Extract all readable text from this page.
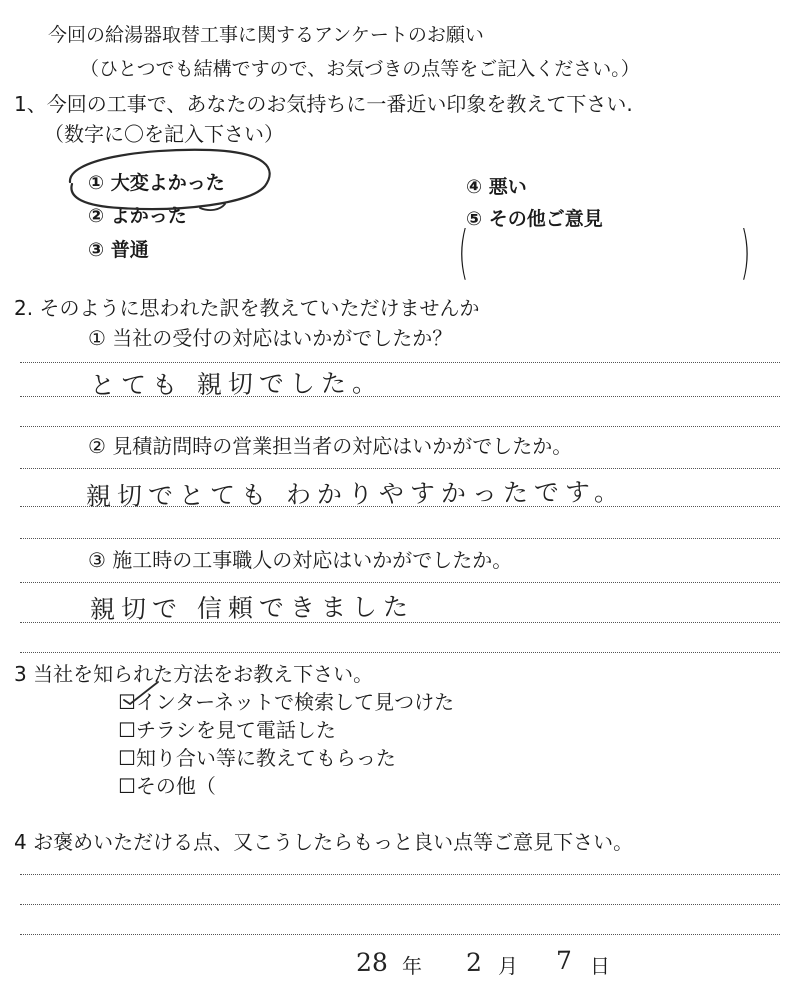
今回の給湯器取替工事に関するアンケートのお願い
（ひとつでも結構ですので、お気づきの点等をご記入ください。）
1、今回の工事で、あなたのお気持ちに一番近い印象を教えて下さい.
（数字に〇を記入下さい）
① 大変よかった
② よかった
③ 普通
④ 悪い
⑤ その他ご意見
(	)
2. そのように思われた訳を教えていただけませんか
① 当社の受付の対応はいかがでしたか？
とても 親切でした。
② 見積訪問時の営業担当者の対応はいかがでしたか。
親切でとても わかりやすかったです。
③ 施工時の工事職人の対応はいかがでしたか。
親切で 信頼できました
3 当社を知られた方法をお教え下さい。
☐インターネットで検索して見つけた
☐チラシを見て電話した
☐知り合い等に教えてもらった
☐その他（
4 お褒めいただける点、又こうしたらもっと良い点等ご意見下さい。
28 年 2 月 7 日
